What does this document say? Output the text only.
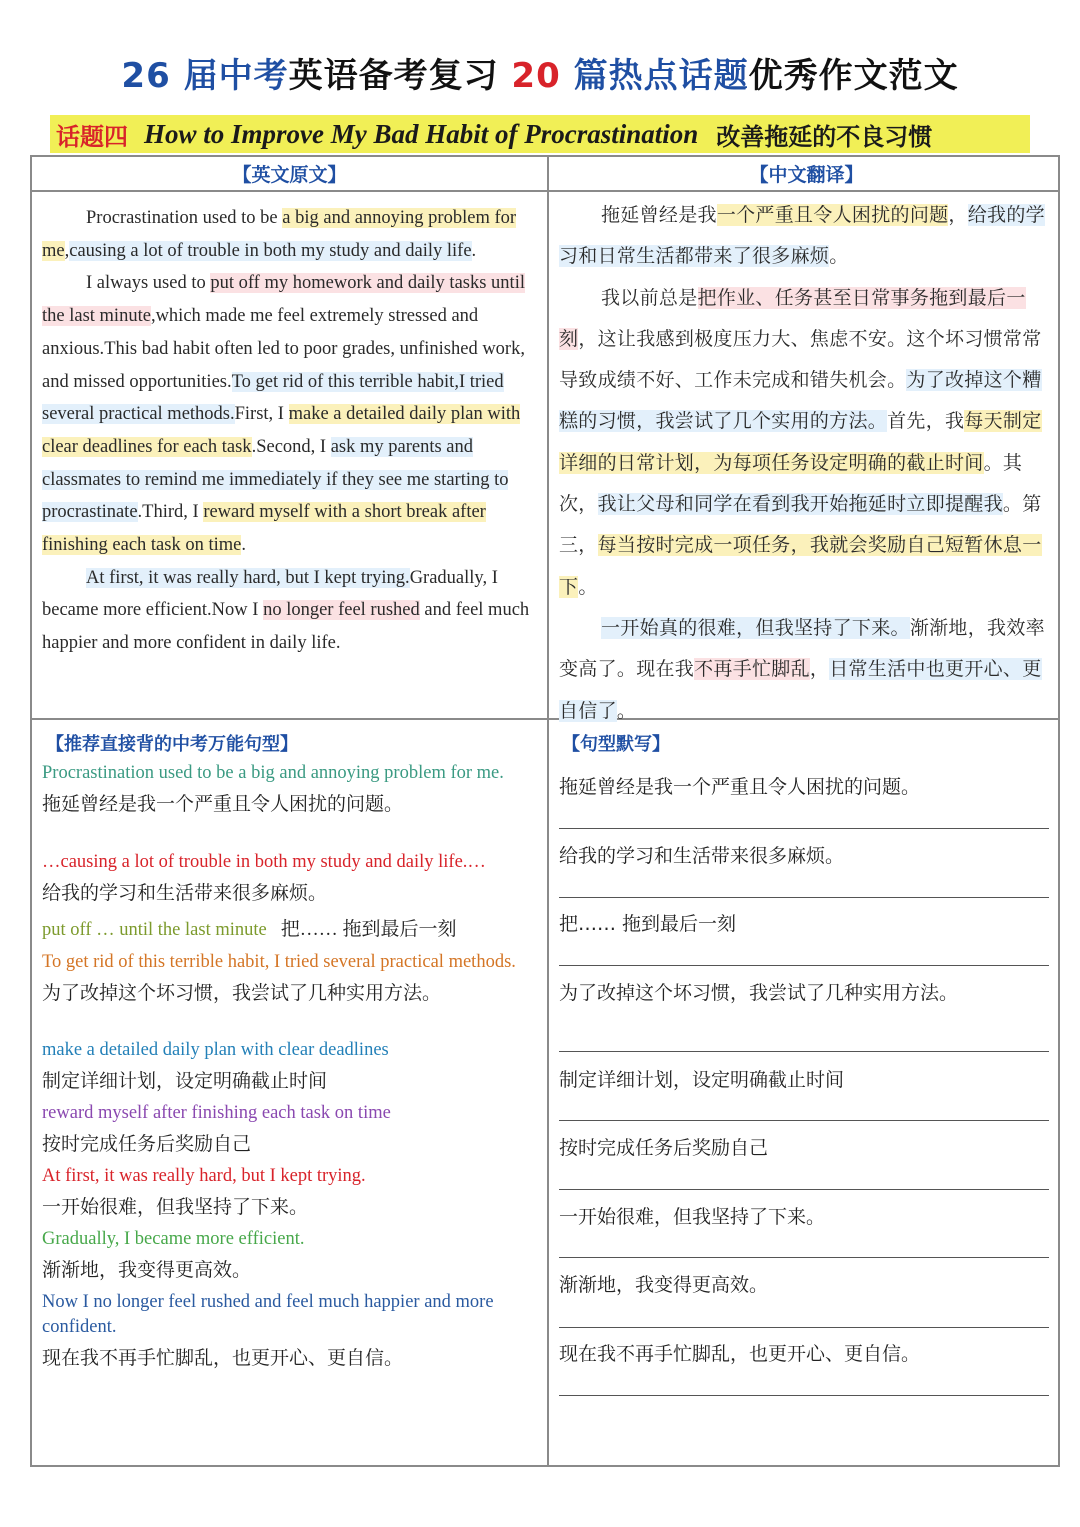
26 届中考英语备考复习 20 篇热点话题优秀作文范文
话题四 How to Improve My Bad Habit of Procrastination 改善拖延的不良习惯
【英文原文】	【中文翻译】

Procrastination used to be a big and annoying problem for me,causing a lot of trouble in both my study and daily life.

I always used to put off my homework and daily tasks until the last minute,which made me feel extremely stressed and anxious.This bad habit often led to poor grades, unfinished work, and missed opportunities.To get rid of this terrible habit,I tried several practical methods.First, I make a detailed daily plan with clear deadlines for each task.Second, I ask my parents and classmates to remind me immediately if they see me starting to procrastinate.Third, I reward myself with a short break after finishing each task on time.

At first, it was really hard, but I kept trying.Gradually, I became more efficient.Now I no longer feel rushed and feel much happier and more confident in daily life.

拖延曾经是我一个严重且令人困扰的问题，给我的学习和日常生活都带来了很多麻烦。

我以前总是把作业、任务甚至日常事务拖到最后一刻，这让我感到极度压力大、焦虑不安。这个坏习惯常常导致成绩不好、工作未完成和错失机会。为了改掉这个糟糕的习惯，我尝试了几个实用的方法。首先，我每天制定详细的日常计划，为每项任务设定明确的截止时间。其次，我让父母和同学在看到我开始拖延时立即提醒我。第三，每当按时完成一项任务，我就会奖励自己短暂休息一下。

一开始真的很难，但我坚持了下来。渐渐地，我效率变高了。现在我不再手忙脚乱，日常生活中也更开心、更自信了。

【推荐直接背的中考万能句型】
Procrastination used to be a big and annoying problem for me.
拖延曾经是我一个严重且令人困扰的问题。
…causing a lot of trouble in both my study and daily life.…
给我的学习和生活带来很多麻烦。
put off … until the last minute 把…… 拖到最后一刻
To get rid of this terrible habit, I tried several practical methods.
为了改掉这个坏习惯，我尝试了几种实用方法。
make a detailed daily plan with clear deadlines
制定详细计划，设定明确截止时间
reward myself after finishing each task on time
按时完成任务后奖励自己
At first, it was really hard, but I kept trying.
一开始很难，但我坚持了下来。
Gradually, I became more efficient.
渐渐地，我变得更高效。
Now I no longer feel rushed and feel much happier and more confident.
现在我不再手忙脚乱，也更开心、更自信。
【句型默写】
拖延曾经是我一个严重且令人困扰的问题。
给我的学习和生活带来很多麻烦。
把…… 拖到最后一刻
为了改掉这个坏习惯，我尝试了几种实用方法。
制定详细计划，设定明确截止时间
按时完成任务后奖励自己
一开始很难，但我坚持了下来。
渐渐地，我变得更高效。
现在我不再手忙脚乱，也更开心、更自信。
